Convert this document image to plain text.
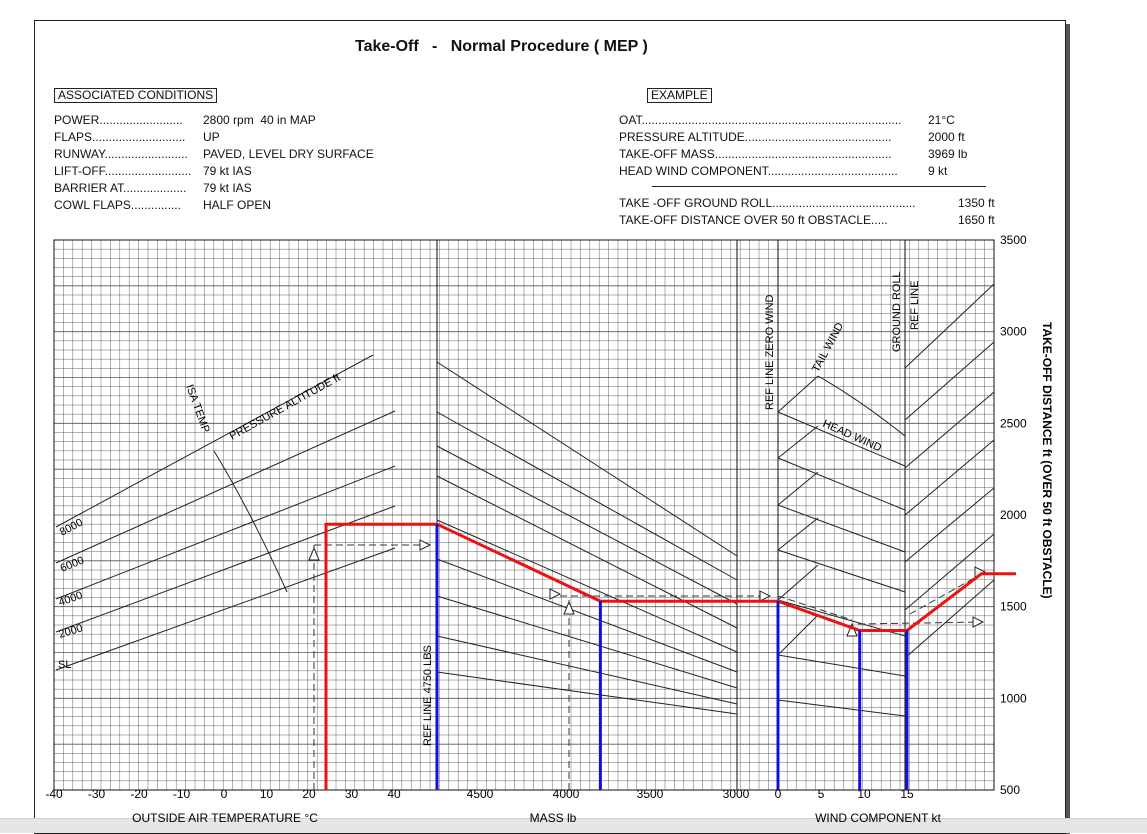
Take-Off   -   Normal Procedure ( MEP )
ASSOCIATED CONDITIONS
POWER......................... 2800 rpm  40 in MAP
FLAPS............................ UP
RUNWAY......................... PAVED, LEVEL DRY SURFACE
LIFT-OFF.......................... 79 kt IAS
BARRIER AT................... 79 kt IAS
COWL FLAPS............... HALF OPEN
EXAMPLE
OAT..............................................................................	21°C
PRESSURE ALTITUDE............................................	2000 ft
TAKE-OFF MASS.....................................................	3969 lb
HEAD WIND COMPONENT.......................................	9 kt
TAKE -OFF GROUND ROLL...........................................	1350 ft
TAKE-OFF DISTANCE OVER 50 ft OBSTACLE.....	1650 ft
-40 -30 -20 -10	0	10 20 30 40
OUTSIDE AIR TEMPERATURE °C
4500	4000	3500	3000
MASS lb
0	5	10 15
WIND COMPONENT kt
500
1000
1500
2000
2500
3000
3500
TAKE-OFF DISTANCE ft (OVER 50 ft OBSTACLE)
8000
6000
4000
2000
SL
PRESSURE ALTITUDE ft
ISA TEMP
REF LINE 4750 LBS
REF LINE ZERO WIND	TAIL WIND
HEAD WIND
GROUND ROLL REF LINE
